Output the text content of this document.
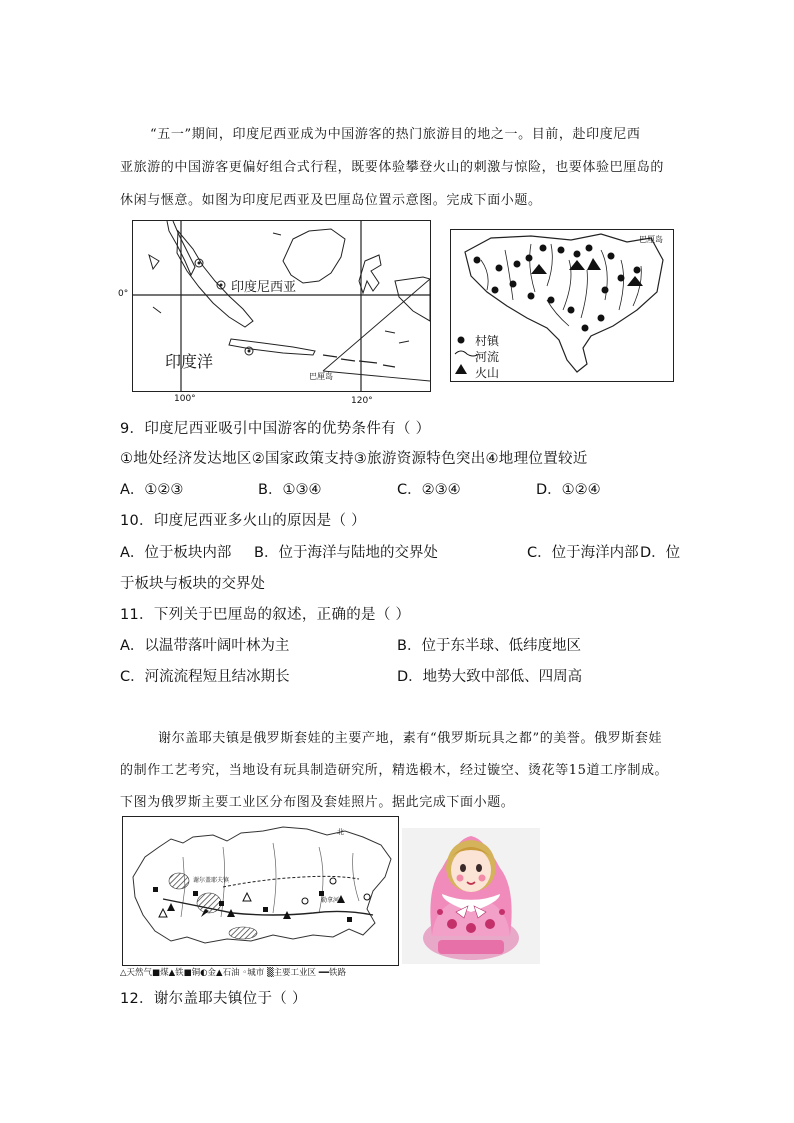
“五一”期间，印度尼西亚成为中国游客的热门旅游目的地之一。目前，赴印度尼西
亚旅游的中国游客更偏好组合式行程，既要体验攀登火山的刺激与惊险，也要体验巴厘岛的
休闲与惬意。如图为印度尼西亚及巴厘岛位置示意图。完成下面小题。
印度尼西亚
印度洋
巴厘岛
0°
100°	120°
巴厘岛
村镇
河流
火山
9．印度尼西亚吸引中国游客的优势条件有（ ）
①地处经济发达地区②国家政策支持③旅游资源特色突出④地理位置较近
A．①②③	B．①③④	C．②③④	D．①②④
10．印度尼西亚多火山的原因是（ ）
A．位于板块内部 B．位于海洋与陆地的交界处	C．位于海洋内部 D．位
于板块与板块的交界处
11．下列关于巴厘岛的叙述，正确的是（ ）
A．以温带落叶阔叶林为主	B．位于东半球、低纬度地区
C．河流流程短且结冰期长	D．地势大致中部低、四周高
谢尔盖耶夫镇是俄罗斯套娃的主要产地，素有“俄罗斯玩具之都”的美誉。俄罗斯套娃
的制作工艺考究，当地设有玩具制造研究所，精选椴木，经过镟空、烫花等15道工序制成。
下图为俄罗斯主要工业区分布图及套娃照片。据此完成下面小题。
谢尔盖耶夫镇
勒拿河
北
△天然气■煤▲铁■铜◐金▲石油 ◦城市 ▒主要工业区 ━━铁路
12．谢尔盖耶夫镇位于（ ）
